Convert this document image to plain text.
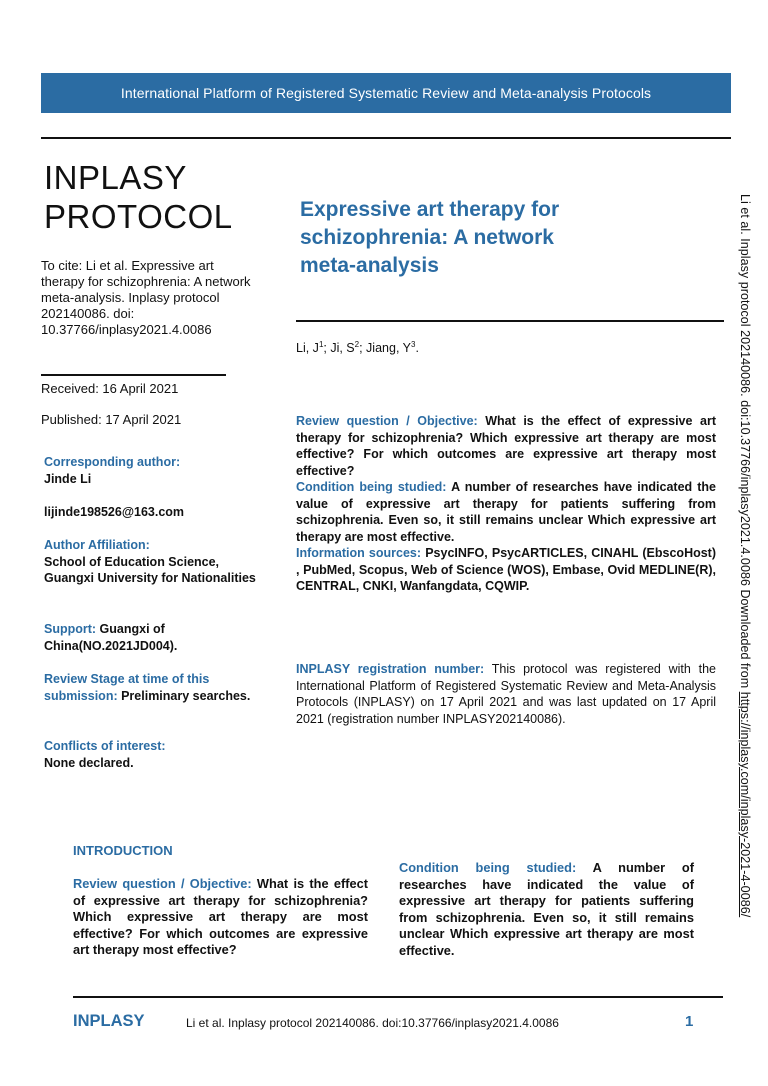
International Platform of Registered Systematic Review and Meta-analysis Protocols
INPLASY
PROTOCOL
To cite: Li et al. Expressive art therapy for schizophrenia: A network meta-analysis. Inplasy protocol 202140086. doi: 10.37766/inplasy2021.4.0086
Expressive art therapy for
schizophrenia: A network
meta-analysis
Li, $J^1$; Ji, $S^2$; Jiang, $Y^3$.
Received: 16 April 2021
Published: 17 April 2021
Corresponding author:
Jinde Li
lijinde198526@163.com
Author Affiliation:
School of Education Science, Guangxi University for Nationalities
Support: Guangxi of China(NO.2021JD004).
Review Stage at time of this submission: Preliminary searches.
Conflicts of interest:
None declared.

Review question / Objective: What is the effect of expressive art therapy for schizophrenia? Which expressive art therapy are most effective? For which outcomes are expressive art therapy most effective?

Condition being studied: A number of researches have indicated the value of expressive art therapy for patients suffering from schizophrenia. Even so, it still remains unclear Which expressive art therapy are most effective.

Information sources: PsycINFO, PsycARTICLES, CINAHL (EbscoHost) , PubMed, Scopus, Web of Science (WOS), Embase, Ovid MEDLINE(R), CENTRAL, CNKI, Wanfangdata, CQWIP.

INPLASY registration number: This protocol was registered with the International Platform of Registered Systematic Review and Meta-Analysis Protocols (INPLASY) on 17 April 2021 and was last updated on 17 April 2021 (registration number INPLASY202140086).
INTRODUCTION
Review question / Objective: What is the effect of expressive art therapy for schizophrenia? Which expressive art therapy are most effective? For which outcomes are expressive art therapy most effective?
Condition being studied: A number of researches have indicated the value of expressive art therapy for patients suffering from schizophrenia. Even so, it still remains unclear Which expressive art therapy are most effective.
INPLASY	Li et al. Inplasy protocol 202140086. doi:10.37766/inplasy2021.4.0086	1
Li et al. Inplasy protocol 202140086. doi:10.37766/inplasy2021.4.0086 Downloaded from https://inplasy.com/inplasy-2021-4-0086/
